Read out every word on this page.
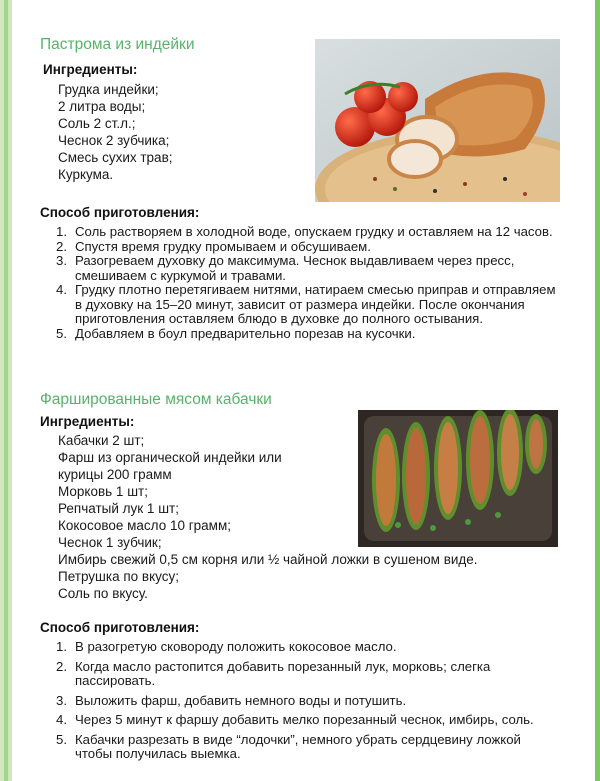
Пастрома из индейки
Ингредиенты:
Грудка индейки;
2 литра воды;
Соль 2 ст.л.;
Чеснок 2 зубчика;
Смесь сухих трав;
Куркума.
Способ приготовления:
1. Соль растворяем в холодной воде, опускаем грудку и оставляем на 12 часов.
2. Спустя время грудку промываем и обсушиваем.
3. Разогреваем духовку до максимума. Чеснок выдавливаем через пресс, смешиваем с куркумой и травами.
4. Грудку плотно перетягиваем нитями, натираем смесью приправ и отправляем в духовку на 15–20 минут, зависит от размера индейки. После окончания приготовления оставляем блюдо в духовке до полного остывания.
5. Добавляем в боул предварительно порезав на кусочки.
Фаршированные мясом кабачки
Ингредиенты:
Кабачки 2 шт;
Фарш из органической индейки или
курицы 200 грамм
Морковь 1 шт;
Репчатый лук 1 шт;
Кокосовое масло 10 грамм;
Чеснок 1 зубчик;
Имбирь свежий 0,5 см корня или ½ чайной ложки в сушеном виде.
Петрушка по вкусу;
Соль по вкусу.
Способ приготовления:
1. В разогретую сковороду положить кокосовое масло.
2. Когда масло растопится добавить порезанный лук, морковь; слегка пассировать.
3. Выложить фарш, добавить немного воды и потушить.
4. Через 5 минут к фаршу добавить мелко порезанный чеснок, имбирь, соль.
5. Кабачки разрезать в виде “лодочки”, немного убрать сердцевину ложкой чтобы получилась выемка.
